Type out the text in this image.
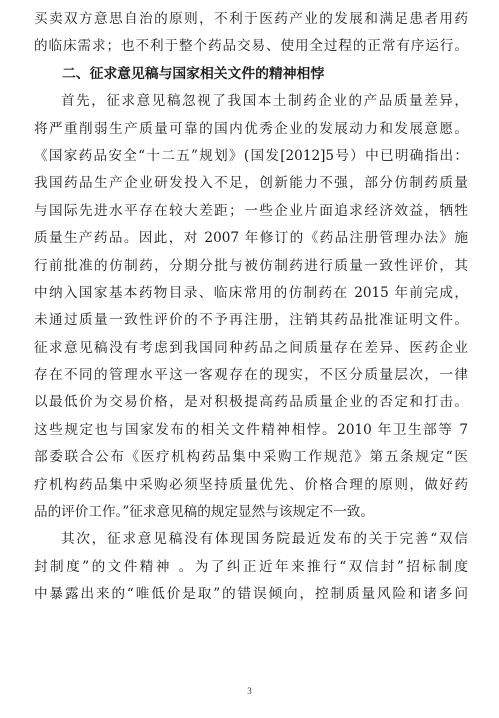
买卖双方意思自治的原则，不利于医药产业的发展和满足患者用药
的临床需求；也不利于整个药品交易、使用全过程的正常有序运行。
二、征求意见稿与国家相关文件的精神相悖
首先，征求意见稿忽视了我国本土制药企业的产品质量差异，
将严重削弱生产质量可靠的国内优秀企业的发展动力和发展意愿。
《国家药品安全“十二五”规划》(国发[2012]5号）中已明确指出：
我国药品生产企业研发投入不足，创新能力不强，部分仿制药质量
与国际先进水平存在较大差距；一些企业片面追求经济效益，牺牲
质量生产药品。因此，对 2007 年修订的《药品注册管理办法》施
行前批准的仿制药，分期分批与被仿制药进行质量一致性评价，其
中纳入国家基本药物目录、临床常用的仿制药在 2015 年前完成，
未通过质量一致性评价的不予再注册，注销其药品批准证明文件。
征求意见稿没有考虑到我国同种药品之间质量存在差异、医药企业
存在不同的管理水平这一客观存在的现实，不区分质量层次，一律
以最低价为交易价格，是对积极提高药品质量企业的否定和打击。
这些规定也与国家发布的相关文件精神相悖。2010 年卫生部等 7
部委联合公布《医疗机构药品集中采购工作规范》第五条规定“医
疗机构药品集中采购必须坚持质量优先、价格合理的原则，做好药
品的评价工作。”征求意见稿的规定显然与该规定不一致。
其次，征求意见稿没有体现国务院最近发布的关于完善“双信
封制度”的文件精神 。为了纠正近年来推行“双信封”招标制度
中暴露出来的“唯低价是取”的错误倾向，控制质量风险和诸多问
3
